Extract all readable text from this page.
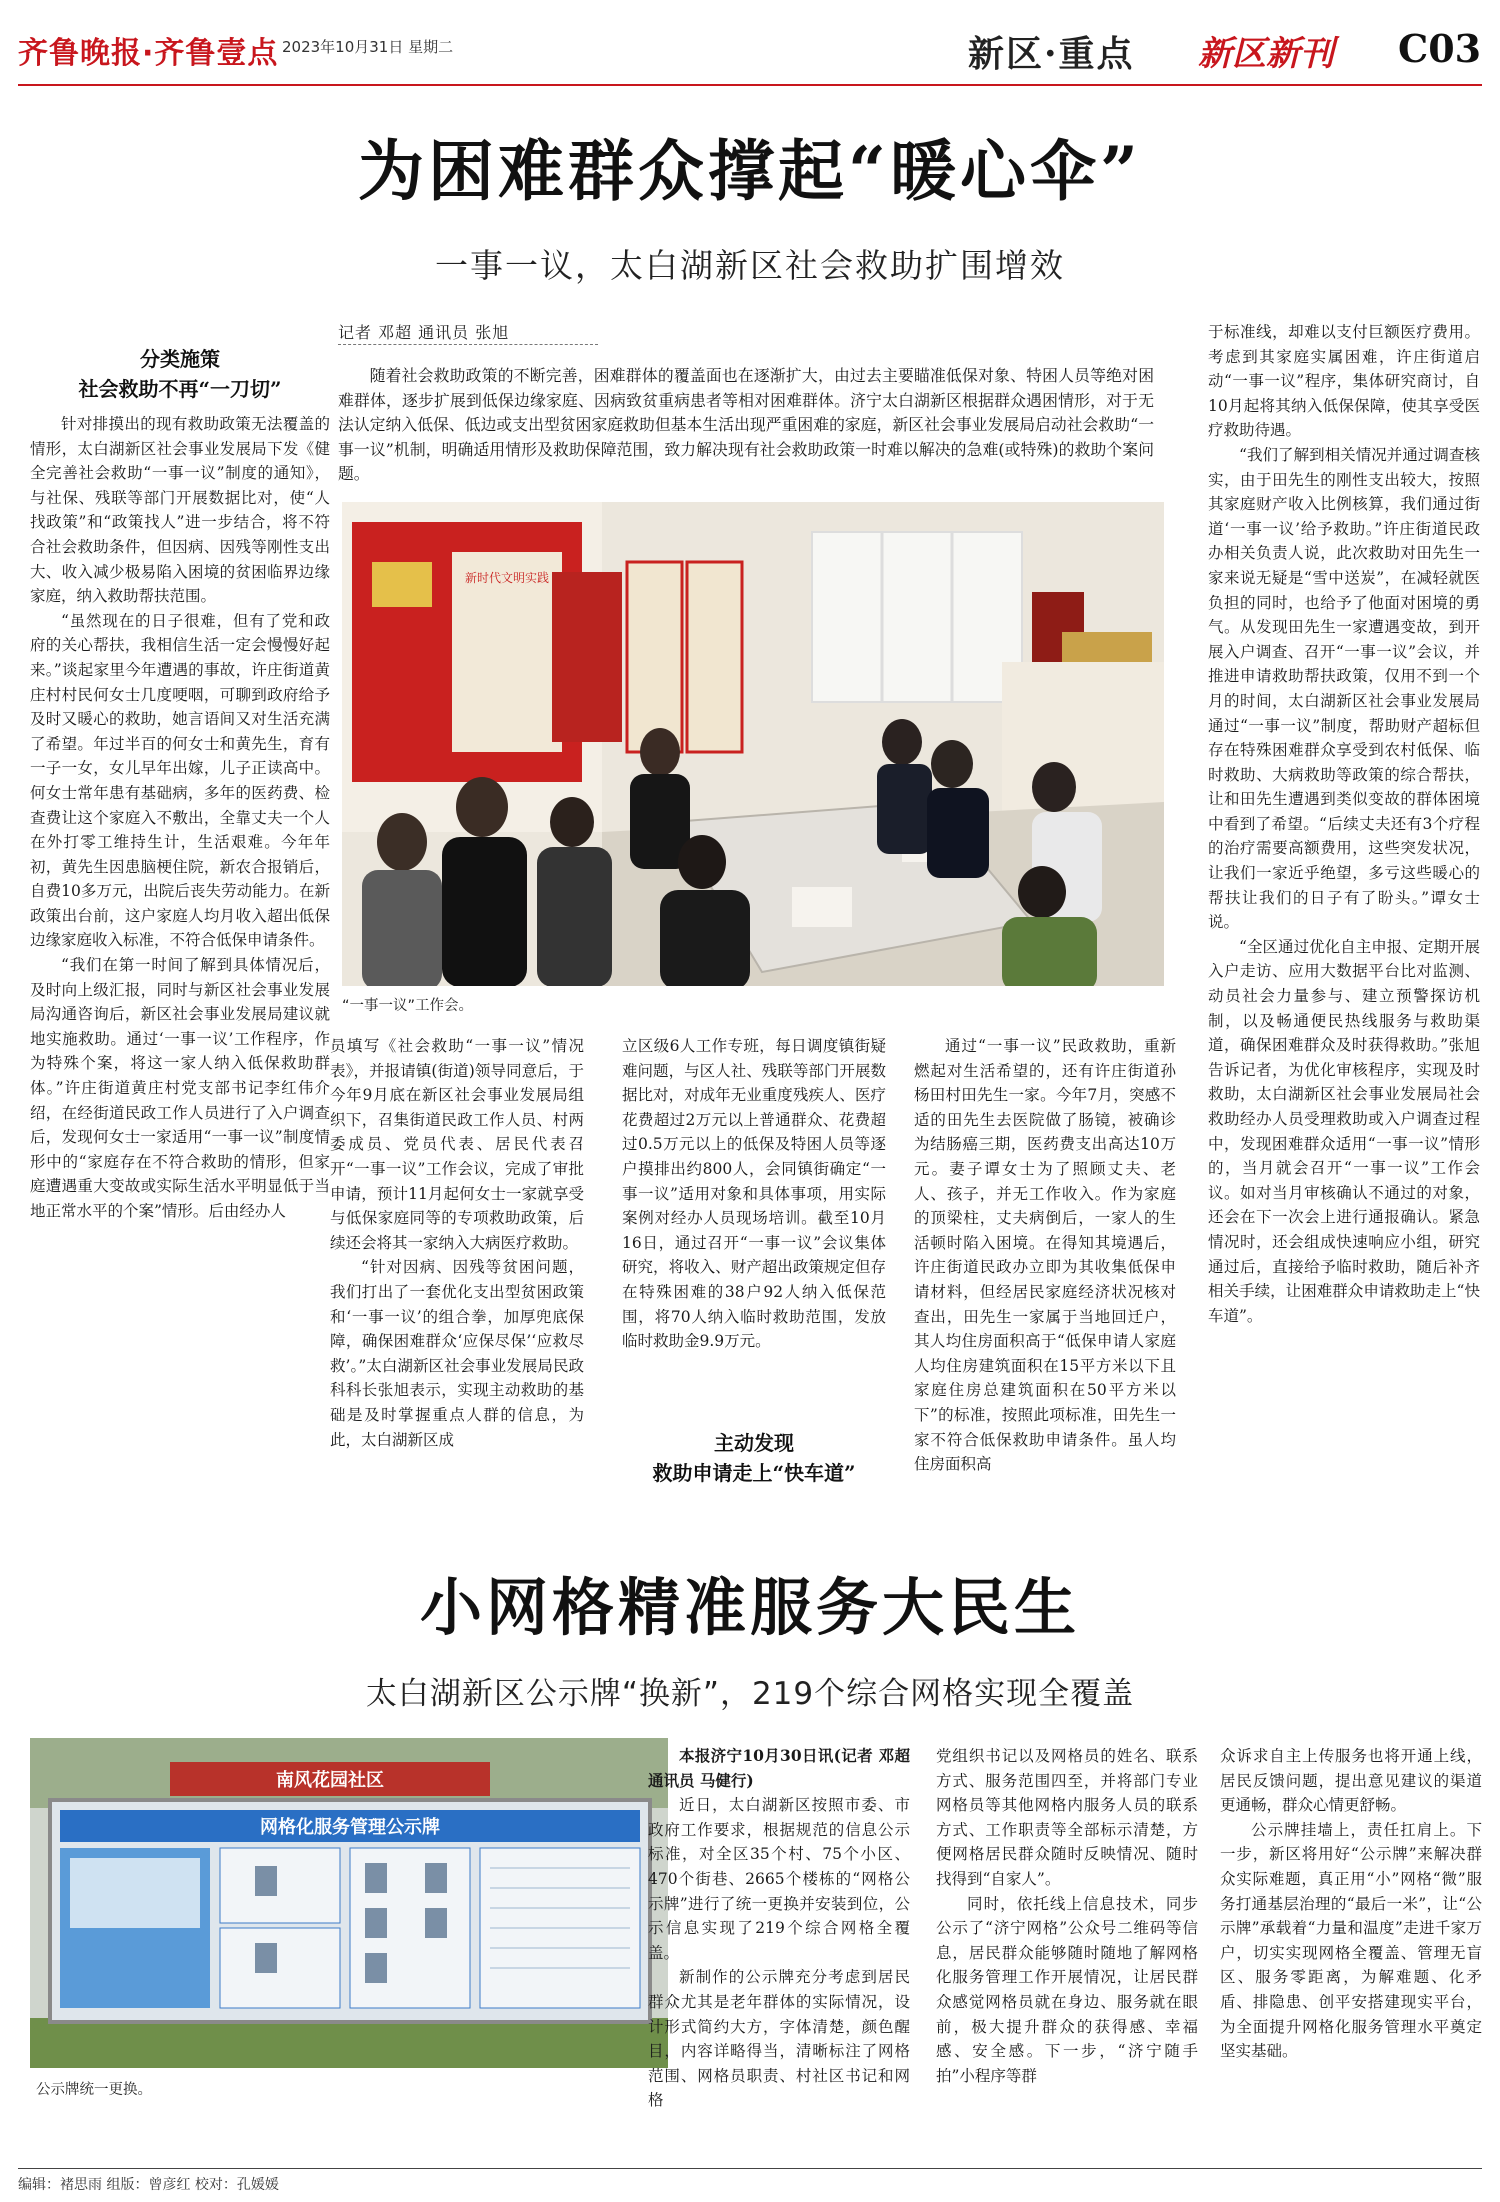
齐鲁晚报·齐鲁壹点 2023年10月31日 星期二	新区·重点 新区新刊 C03
为困难群众撑起“暖心伞”
一事一议，太白湖新区社会救助扩围增效
分类施策
社会救助不再“一刀切”

针对排摸出的现有救助政策无法覆盖的情形，太白湖新区社会事业发展局下发《健全完善社会救助“一事一议”制度的通知》，与社保、残联等部门开展数据比对，使“人找政策”和“政策找人”进一步结合，将不符合社会救助条件，但因病、因残等刚性支出大、收入减少极易陷入困境的贫困临界边缘家庭，纳入救助帮扶范围。

“虽然现在的日子很难，但有了党和政府的关心帮扶，我相信生活一定会慢慢好起来。”谈起家里今年遭遇的事故，许庄街道黄庄村村民何女士几度哽咽，可聊到政府给予及时又暖心的救助，她言语间又对生活充满了希望。年过半百的何女士和黄先生，育有一子一女，女儿早年出嫁，儿子正读高中。何女士常年患有基础病，多年的医药费、检查费让这个家庭入不敷出，全靠丈夫一个人在外打零工维持生计，生活艰难。今年年初，黄先生因患脑梗住院，新农合报销后，自费10多万元，出院后丧失劳动能力。在新政策出台前，这户家庭人均月收入超出低保边缘家庭收入标准，不符合低保申请条件。

“我们在第一时间了解到具体情况后，及时向上级汇报，同时与新区社会事业发展局沟通咨询后，新区社会事业发展局建议就地实施救助。通过‘一事一议’工作程序，作为特殊个案，将这一家人纳入低保救助群体。”许庄街道黄庄村党支部书记李红伟介绍，在经街道民政工作人员进行了入户调查后，发现何女士一家适用“一事一议”制度情形中的“家庭存在不符合救助的情形，但家庭遭遇重大变故或实际生活水平明显低于当地正常水平的个案”情形。后由经办人

记者 邓超 通讯员 张旭

随着社会救助政策的不断完善，困难群体的覆盖面也在逐渐扩大，由过去主要瞄准低保对象、特困人员等绝对困难群体，逐步扩展到低保边缘家庭、因病致贫重病患者等相对困难群体。济宁太白湖新区根据群众遇困情形，对于无法认定纳入低保、低边或支出型贫困家庭救助但基本生活出现严重困难的家庭，新区社会事业发展局启动社会救助“一事一议”机制，明确适用情形及救助保障范围，致力解决现有社会救助政策一时难以解决的急难(或特殊)的救助个案问题。

新时代文明实践
“一事一议”工作会。

员填写《社会救助“一事一议”情况表》，并报请镇(街道)领导同意后，于今年9月底在新区社会事业发展局组织下，召集街道民政工作人员、村两委成员、党员代表、居民代表召开“一事一议”工作会议，完成了审批申请，预计11月起何女士一家就享受与低保家庭同等的专项救助政策，后续还会将其一家纳入大病医疗救助。

“针对因病、因残等贫困问题，我们打出了一套优化支出型贫困政策和‘一事一议’的组合拳，加厚兜底保障，确保困难群众‘应保尽保’‘应救尽救’。”太白湖新区社会事业发展局民政科科长张旭表示，实现主动救助的基础是及时掌握重点人群的信息，为此，太白湖新区成

立区级6人工作专班，每日调度镇街疑难问题，与区人社、残联等部门开展数据比对，对成年无业重度残疾人、医疗花费超过2万元以上普通群众、花费超过0.5万元以上的低保及特困人员等逐户摸排出约800人，会同镇街确定“一事一议”适用对象和具体事项，用实际案例对经办人员现场培训。截至10月16日，通过召开“一事一议”会议集体研究，将收入、财产超出政策规定但存在特殊困难的38户92人纳入低保范围，将70人纳入临时救助范围，发放临时救助金9.9万元。

主动发现
救助申请走上“快车道”

通过“一事一议”民政救助，重新燃起对生活希望的，还有许庄街道孙杨田村田先生一家。今年7月，突感不适的田先生去医院做了肠镜，被确诊为结肠癌三期，医药费支出高达10万元。妻子谭女士为了照顾丈夫、老人、孩子，并无工作收入。作为家庭的顶梁柱，丈夫病倒后，一家人的生活顿时陷入困境。在得知其境遇后，许庄街道民政办立即为其收集低保申请材料，但经居民家庭经济状况核对查出，田先生一家属于当地回迁户，其人均住房面积高于“低保申请人家庭人均住房建筑面积在15平方米以下且家庭住房总建筑面积在50平方米以下”的标准，按照此项标准，田先生一家不符合低保救助申请条件。虽人均住房面积高

于标准线，却难以支付巨额医疗费用。考虑到其家庭实属困难，许庄街道启动“一事一议”程序，集体研究商讨，自10月起将其纳入低保保障，使其享受医疗救助待遇。

“我们了解到相关情况并通过调查核实，由于田先生的刚性支出较大，按照其家庭财产收入比例核算，我们通过街道‘一事一议’给予救助。”许庄街道民政办相关负责人说，此次救助对田先生一家来说无疑是“雪中送炭”，在减轻就医负担的同时，也给予了他面对困境的勇气。从发现田先生一家遭遇变故，到开展入户调查、召开“一事一议”会议，并推进申请救助帮扶政策，仅用不到一个月的时间，太白湖新区社会事业发展局通过“一事一议”制度，帮助财产超标但存在特殊困难群众享受到农村低保、临时救助、大病救助等政策的综合帮扶，让和田先生遭遇到类似变故的群体困境中看到了希望。“后续丈夫还有3个疗程的治疗需要高额费用，这些突发状况，让我们一家近乎绝望，多亏这些暖心的帮扶让我们的日子有了盼头。”谭女士说。

“全区通过优化自主申报、定期开展入户走访、应用大数据平台比对监测、动员社会力量参与、建立预警探访机制，以及畅通便民热线服务与救助渠道，确保困难群众及时获得救助。”张旭告诉记者，为优化审核程序，实现及时救助，太白湖新区社会事业发展局社会救助经办人员受理救助或入户调查过程中，发现困难群众适用“一事一议”情形的，当月就会召开“一事一议”工作会议。如对当月审核确认不通过的对象，还会在下一次会上进行通报确认。紧急情况时，还会组成快速响应小组，研究通过后，直接给予临时救助，随后补齐相关手续，让困难群众申请救助走上“快车道”。

小网格精准服务大民生
太白湖新区公示牌“换新”，219个综合网格实现全覆盖
南风花园社区
网格化服务管理公示牌
公示牌统一更换。

本报济宁10月30日讯(记者 邓超 通讯员 马健行)

近日，太白湖新区按照市委、市政府工作要求，根据规范的信息公示标准，对全区35个村、75个小区、470个街巷、2665个楼栋的“网格公示牌”进行了统一更换并安装到位，公示信息实现了219个综合网格全覆盖。

新制作的公示牌充分考虑到居民群众尤其是老年群体的实际情况，设计形式简约大方，字体清楚，颜色醒目，内容详略得当，清晰标注了网格范围、网格员职责、村社区书记和网格

党组织书记以及网格员的姓名、联系方式、服务范围四至，并将部门专业网格员等其他网格内服务人员的联系方式、工作职责等全部标示清楚，方便网格居民群众随时反映情况、随时找得到“自家人”。

同时，依托线上信息技术，同步公示了“济宁网格”公众号二维码等信息，居民群众能够随时随地了解网格化服务管理工作开展情况，让居民群众感觉网格员就在身边、服务就在眼前，极大提升群众的获得感、幸福感、安全感。下一步，“济宁随手拍”小程序等群

众诉求自主上传服务也将开通上线，居民反馈问题，提出意见建议的渠道更通畅，群众心情更舒畅。

公示牌挂墙上，责任扛肩上。下一步，新区将用好“公示牌”来解决群众实际难题，真正用“小”网格“微”服务打通基层治理的“最后一米”，让“公示牌”承载着“力量和温度”走进千家万户，切实实现网格全覆盖、管理无盲区、服务零距离，为解难题、化矛盾、排隐患、创平安搭建现实平台，为全面提升网格化服务管理水平奠定坚实基础。

编辑：褚思雨 组版：曾彦红 校对：孔媛媛
